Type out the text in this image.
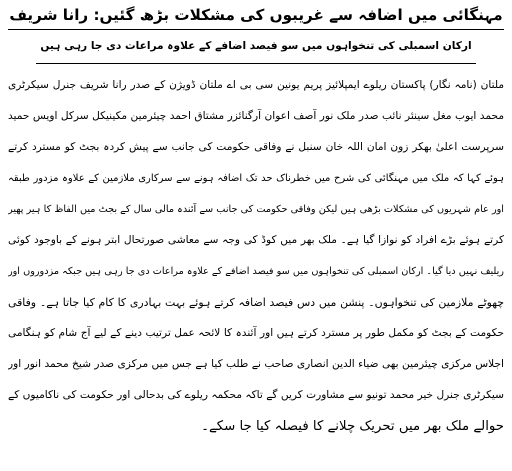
مہنگائی میں اضافہ سے غریبوں کی مشکلات بڑھ گئیں: رانا شریف
ارکان اسمبلی کی تنخواہوں میں سو فیصد اضافے کے علاوہ مراعات دی جا رہی ہیں
ملتان (نامہ نگار) پاکستان ریلوے ایمپلائیز پریم یونین سی بی اے ملتان ڈویژن کے صدر رانا شریف جنرل سیکرٹری
محمد ایوب مغل سینئر نائب صدر ملک نور آصف اعوان آرگنائزر مشتاق احمد چیئرمین مکینیکل سرکل اویس حمید
سرپرست اعلیٰ بھکر زون امان اللہ خان سنبل نے وفاقی حکومت کی جانب سے پیش کردہ بجٹ کو مسترد کرتے
ہوئے کہا کہ ملک میں مہنگائی کی شرح میں خطرناک حد تک اضافہ ہونے سے سرکاری ملازمین کے علاوہ مزدور طبقہ
اور عام شہریوں کی مشکلات بڑھی ہیں لیکن وفاقی حکومت کی جانب سے آئندہ مالی سال کے بجٹ میں الفاظ کا ہیر پھیر
کرتے ہوئے بڑے افراد کو نوازا گیا ہے۔ ملک بھر میں کوڈ کی وجہ سے معاشی صورتحال ابتر ہونے کے باوجود کوئی
ریلیف نہیں دیا گیا۔ ارکان اسمبلی کی تنخواہوں میں سو فیصد اضافے کے علاوہ مراعات دی جا رہی ہیں جبکہ مزدوروں اور
چھوٹے ملازمین کی تنخواہوں۔ پنشن میں دس فیصد اضافہ کرتے ہوئے بہت بہادری کا کام کیا جاتا ہے۔ وفاقی
حکومت کے بجٹ کو مکمل طور پر مسترد کرتے ہیں اور آئندہ کا لائحہ عمل ترتیب دینے کے لیے آج شام کو ہنگامی
اجلاس مرکزی چیئرمین بھی ضیاء الدین انصاری صاحب نے طلب کیا ہے جس میں مرکزی صدر شیخ محمد انور اور
سیکرٹری جنرل خیر محمد تونیو سے مشاورت کریں گے تاکہ محکمہ ریلوے کی بدحالی اور حکومت کی ناکامیوں کے
حوالے ملک بھر میں تحریک چلانے کا فیصلہ کیا جا سکے۔
